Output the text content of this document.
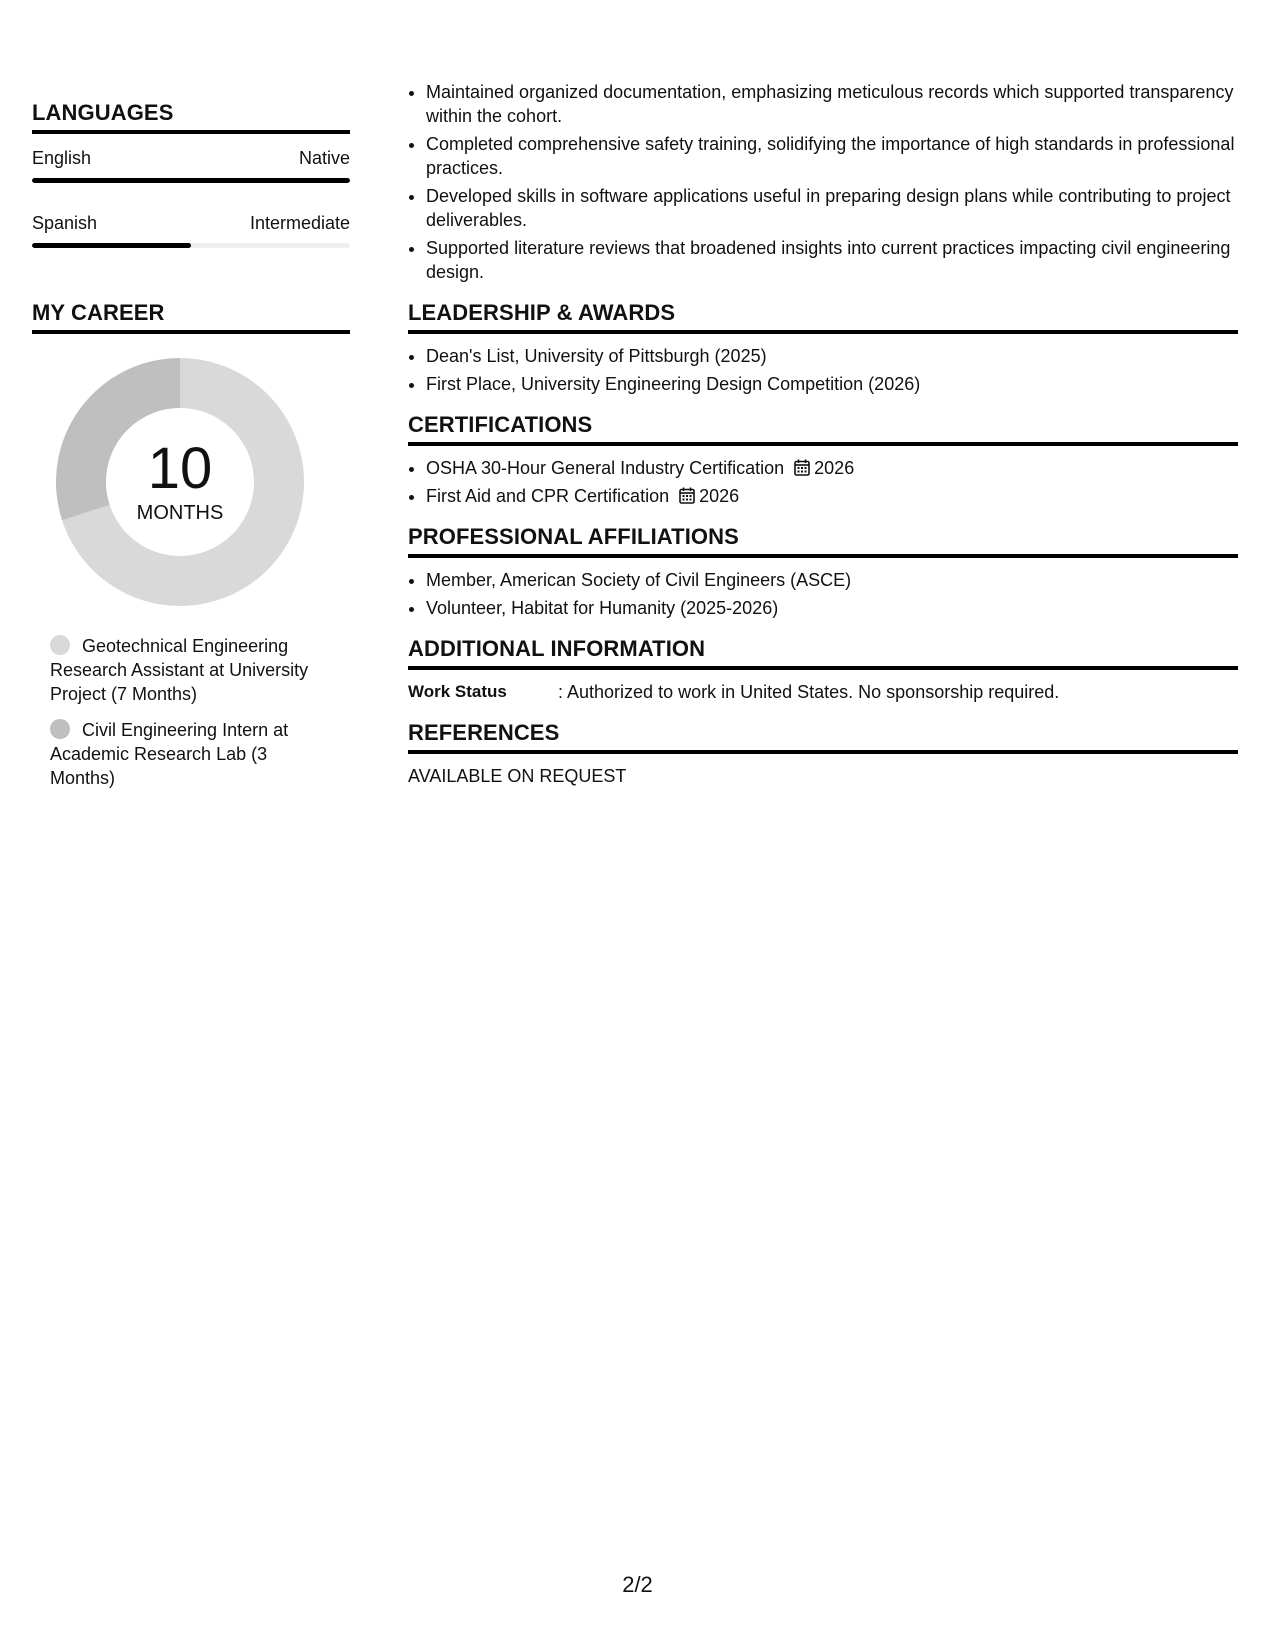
LANGUAGES
English	Native
Spanish	Intermediate
MY CAREER
10
MONTHS
Geotechnical Engineering Research Assistant at University Project (7 Months)
Civil Engineering Intern at Academic Research Lab (3 Months)
• Maintained organized documentation, emphasizing meticulous records which supported transparency within the cohort.
• Completed comprehensive safety training, solidifying the importance of high standards in professional practices.
• Developed skills in software applications useful in preparing design plans while contributing to project deliverables.
• Supported literature reviews that broadened insights into current practices impacting civil engineering design.
LEADERSHIP & AWARDS
• Dean's List, University of Pittsburgh (2025)
• First Place, University Engineering Design Competition (2026)
CERTIFICATIONS
• OSHA 30-Hour General Industry Certification 2026
• First Aid and CPR Certification 2026
PROFESSIONAL AFFILIATIONS
• Member, American Society of Civil Engineers (ASCE)
• Volunteer, Habitat for Humanity (2025-2026)
ADDITIONAL INFORMATION
Work Status	: Authorized to work in United States. No sponsorship required.
REFERENCES
AVAILABLE ON REQUEST
2/2
